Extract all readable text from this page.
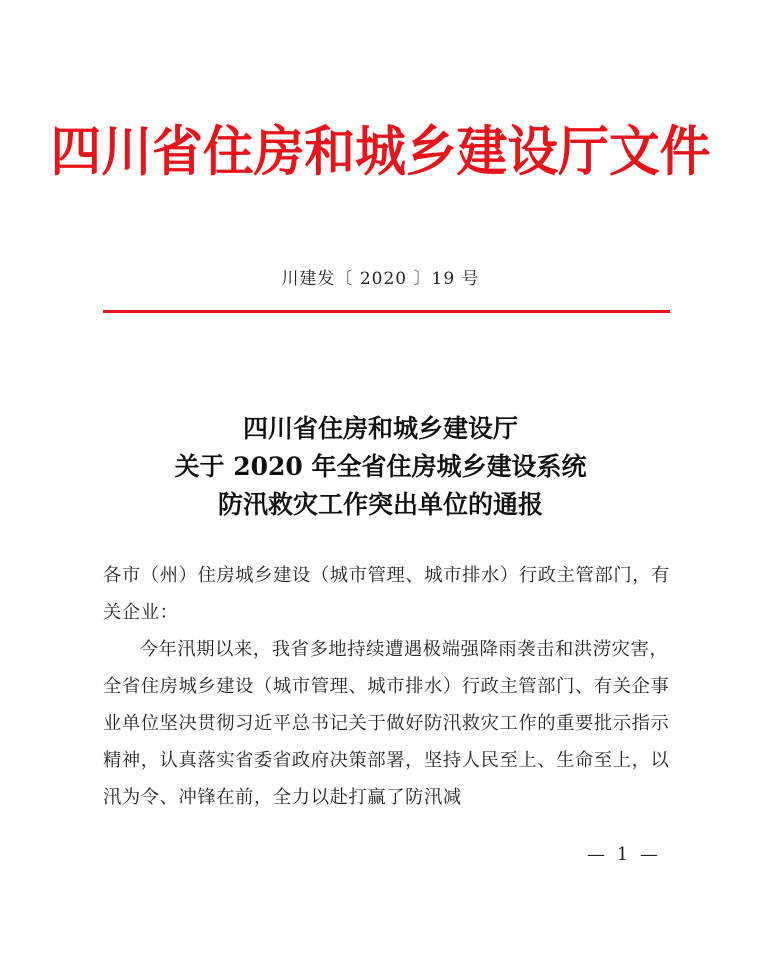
四川省住房和城乡建设厅文件
川建发〔 2020 〕19 号
四川省住房和城乡建设厅
关于 2020 年全省住房城乡建设系统
防汛救灾工作突出单位的通报

各市（州）住房城乡建设（城市管理、城市排水）行政主管部门，有关企业：

今年汛期以来，我省多地持续遭遇极端强降雨袭击和洪涝灾害，全省住房城乡建设（城市管理、城市排水）行政主管部门、有关企事业单位坚决贯彻习近平总书记关于做好防汛救灾工作的重要批示指示精神，认真落实省委省政府决策部署，坚持人民至上、生命至上，以汛为令、冲锋在前，全力以赴打赢了防汛减

— 1 —
